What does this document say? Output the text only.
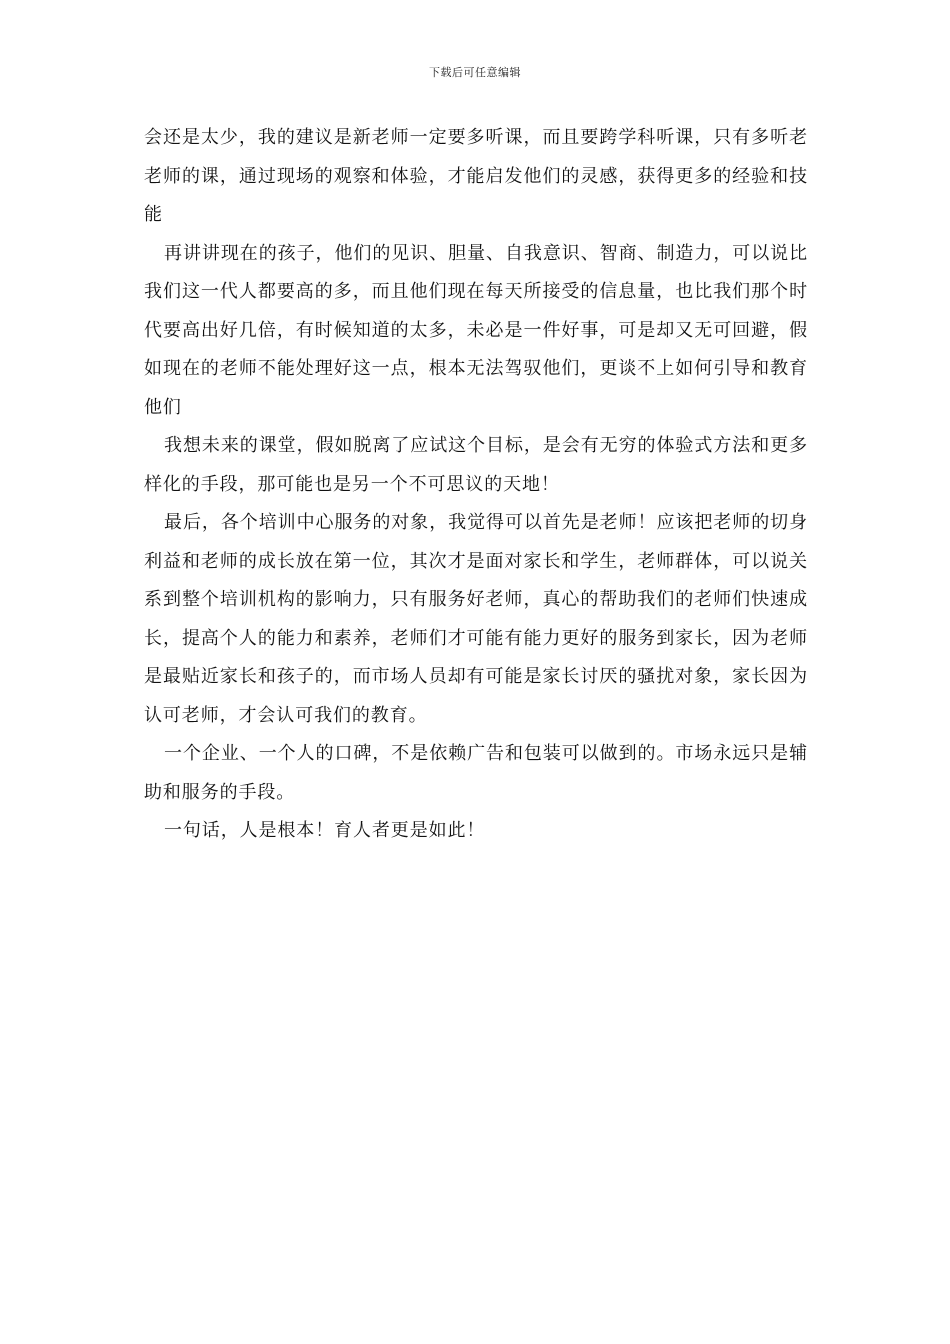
下载后可任意编辑

会还是太少，我的建议是新老师一定要多听课，而且要跨学科听课，只有多听老老师的课，通过现场的观察和体验，才能启发他们的灵感，获得更多的经验和技能

再讲讲现在的孩子，他们的见识、胆量、自我意识、智商、制造力，可以说比我们这一代人都要高的多，而且他们现在每天所接受的信息量，也比我们那个时代要高出好几倍，有时候知道的太多，未必是一件好事，可是却又无可回避，假如现在的老师不能处理好这一点，根本无法驾驭他们，更谈不上如何引导和教育他们

我想未来的课堂，假如脱离了应试这个目标，是会有无穷的体验式方法和更多样化的手段，那可能也是另一个不可思议的天地！

最后，各个培训中心服务的对象，我觉得可以首先是老师！应该把老师的切身利益和老师的成长放在第一位，其次才是面对家长和学生，老师群体，可以说关系到整个培训机构的影响力，只有服务好老师，真心的帮助我们的老师们快速成长，提高个人的能力和素养，老师们才可能有能力更好的服务到家长，因为老师是最贴近家长和孩子的，而市场人员却有可能是家长讨厌的骚扰对象，家长因为认可老师，才会认可我们的教育。

一个企业、一个人的口碑，不是依赖广告和包装可以做到的。市场永远只是辅助和服务的手段。

一句话，人是根本！育人者更是如此！
